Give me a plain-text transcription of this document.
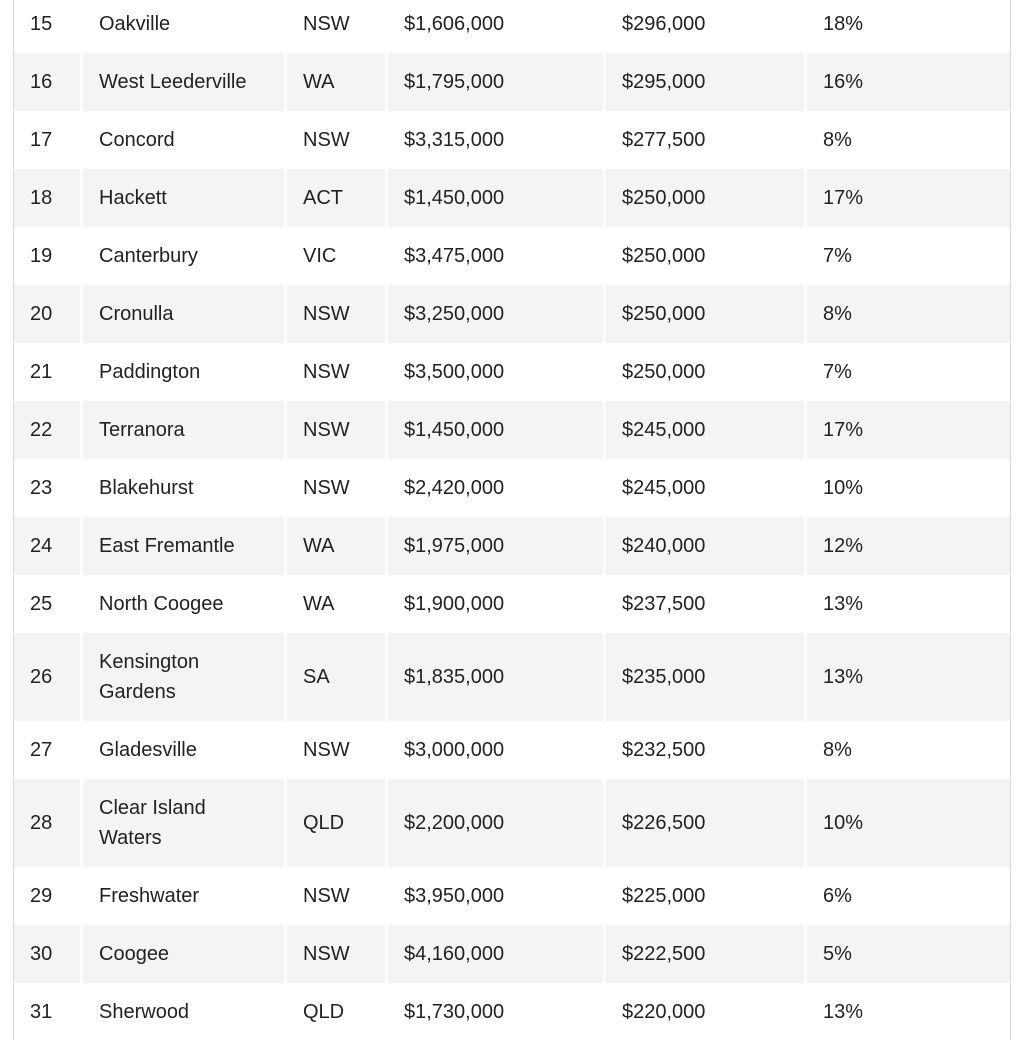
15	Oakville	NSW	$1,606,000	$296,000	18%
16	West Leederville	WA	$1,795,000	$295,000	16%
17	Concord	NSW	$3,315,000	$277,500	8%
18	Hackett	ACT	$1,450,000	$250,000	17%
19	Canterbury	VIC	$3,475,000	$250,000	7%
20	Cronulla	NSW	$3,250,000	$250,000	8%
21	Paddington	NSW	$3,500,000	$250,000	7%
22	Terranora	NSW	$1,450,000	$245,000	17%
23	Blakehurst	NSW	$2,420,000	$245,000	10%
24	East Fremantle	WA	$1,975,000	$240,000	12%
25	North Coogee	WA	$1,900,000	$237,500	13%
26	Kensington Gardens	SA	$1,835,000	$235,000	13%
27	Gladesville	NSW	$3,000,000	$232,500	8%
28	Clear Island Waters	QLD	$2,200,000	$226,500	10%
29	Freshwater	NSW	$3,950,000	$225,000	6%
30	Coogee	NSW	$4,160,000	$222,500	5%
31	Sherwood	QLD	$1,730,000	$220,000	13%
